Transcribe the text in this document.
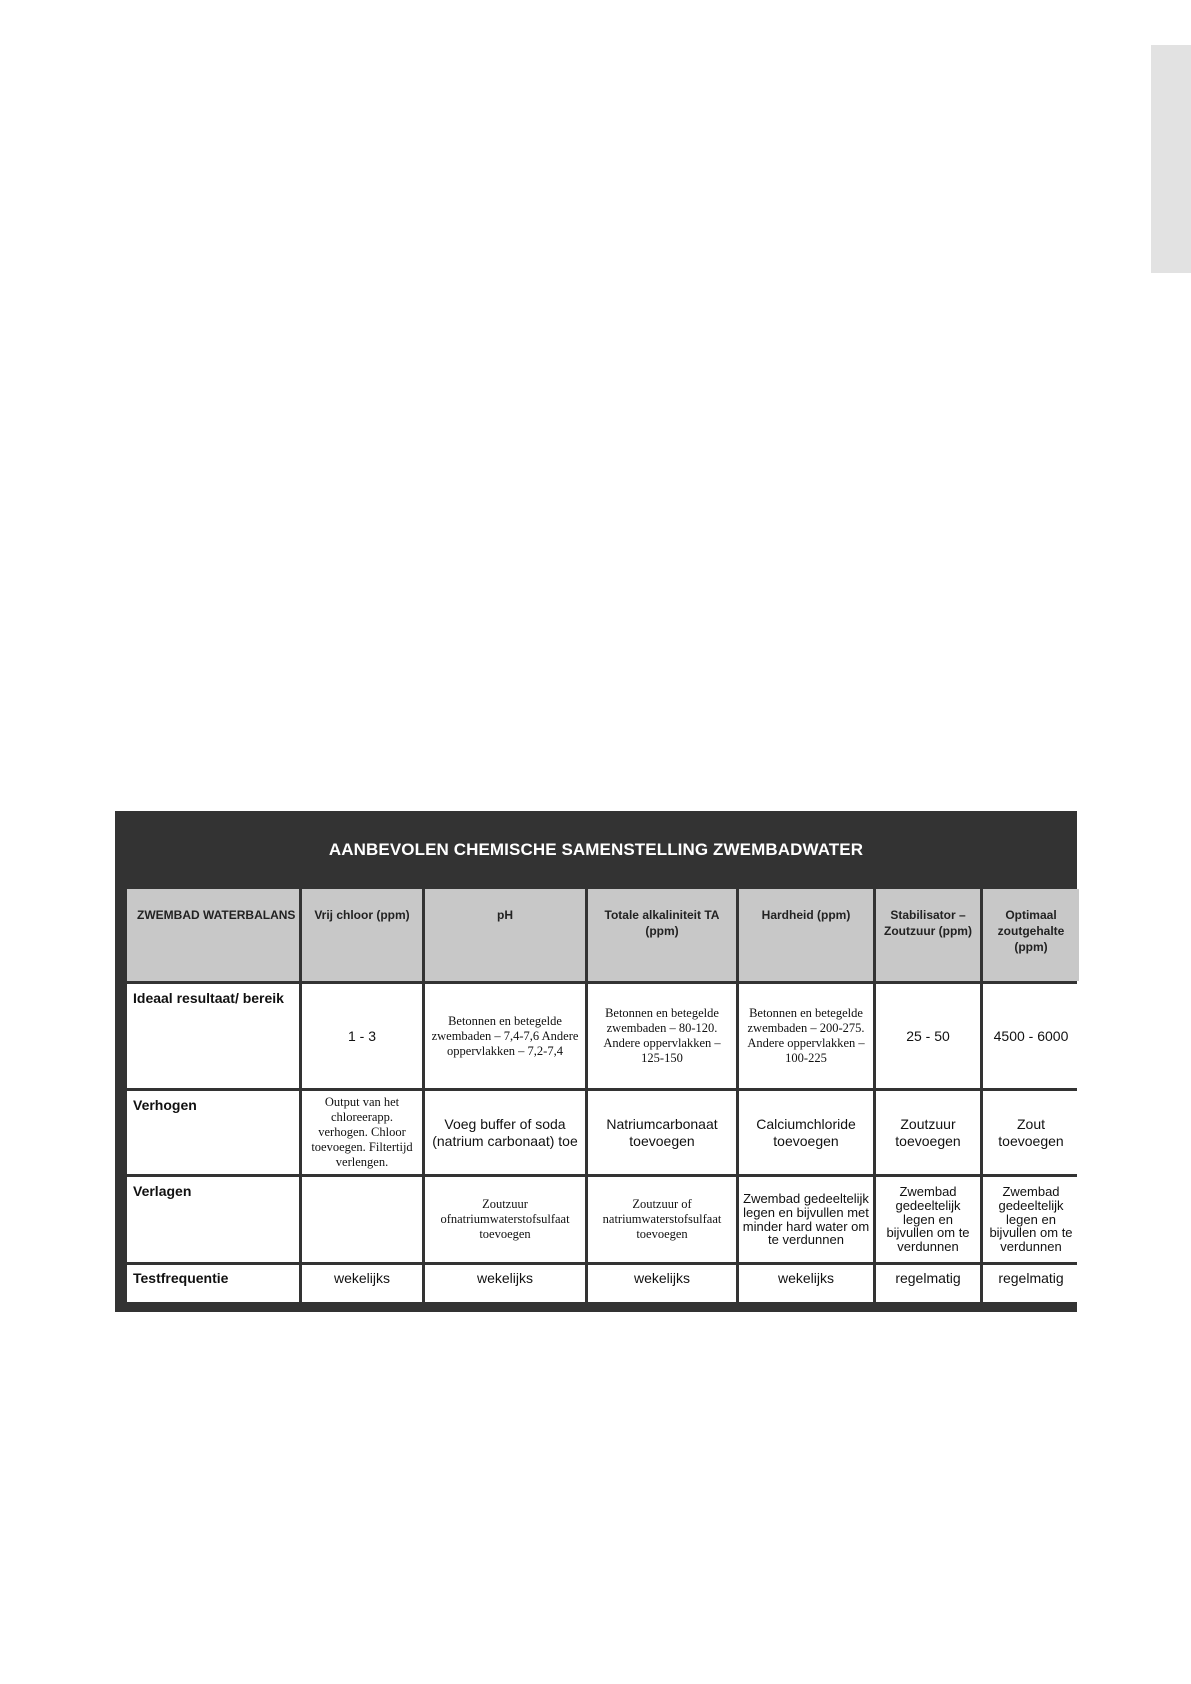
AANBEVOLEN CHEMISCHE SAMENSTELLING ZWEMBADWATER
ZWEMBAD WATERBALANS	Vrij chloor (ppm)	pH	Totale alkaliniteit TA (ppm)	Hardheid (ppm)	Stabilisator – Zoutzuur (ppm)	Optimaal zoutgehalte (ppm)
Ideaal resultaat/ bereik	1 - 3	Betonnen en betegelde zwembaden – 7,4-7,6 Andere oppervlakken – 7,2-7,4	Betonnen en betegelde zwembaden – 80-120. Andere oppervlakken – 125-150	Betonnen en betegelde zwembaden – 200-275. Andere oppervlakken – 100-225	25 - 50	4500 - 6000
Verhogen	Output van het chloreerapp. verhogen. Chloor toevoegen. Filtertijd verlengen.	Voeg buffer of soda (natrium carbonaat) toe	Natriumcarbonaat toevoegen	Calciumchloride toevoegen	Zoutzuur toevoegen	Zout toevoegen
Verlagen		Zoutzuur ofnatriumwaterstofsulfaat toevoegen	Zoutzuur of natriumwaterstofsulfaat toevoegen	Zwembad gedeeltelijk legen en bijvullen met minder hard water om te verdunnen	Zwembad gedeeltelijk legen en bijvullen om te verdunnen	Zwembad gedeeltelijk legen en bijvullen om te verdunnen
Testfrequentie	wekelijks	wekelijks	wekelijks	wekelijks	regelmatig	regelmatig
